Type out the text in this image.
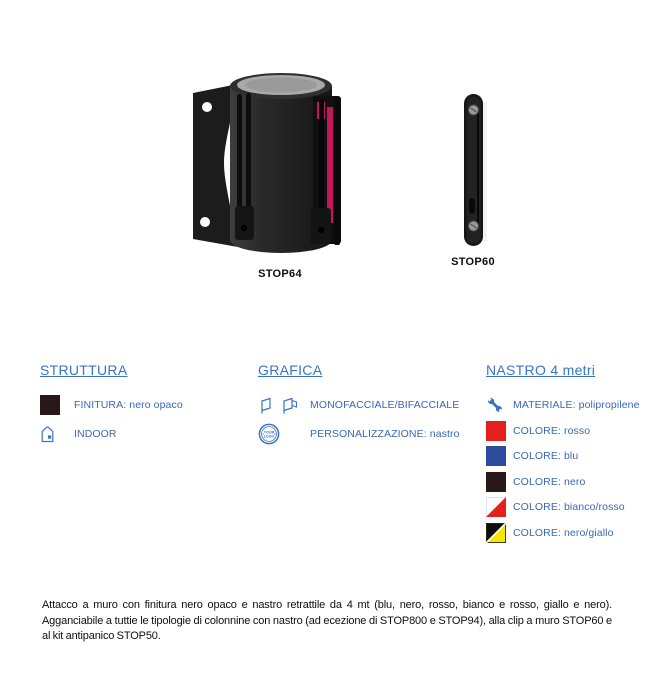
STOP64
STOP60
STRUTTURA
FINITURA: nero opaco
INDOOR
GRAFICA
MONOFACCIALE/BIFACCIALE
YOUR
LOGO	PERSONALIZZAZIONE: nastro
NASTRO 4 metri
MATERIALE: polipropilene
COLORE: rosso
COLORE: blu
COLORE: nero
COLORE: bianco/rosso
COLORE: nero/giallo

Attacco a muro con finitura nero opaco e nastro retrattile da 4 mt (blu, nero, rosso, bianco e rosso, giallo e nero). Agganciabile a tuttie le tipologie di colonnine con nastro (ad ecezione di STOP800 e STOP94), alla clip a muro STOP60 e al kit antipanico STOP50.
